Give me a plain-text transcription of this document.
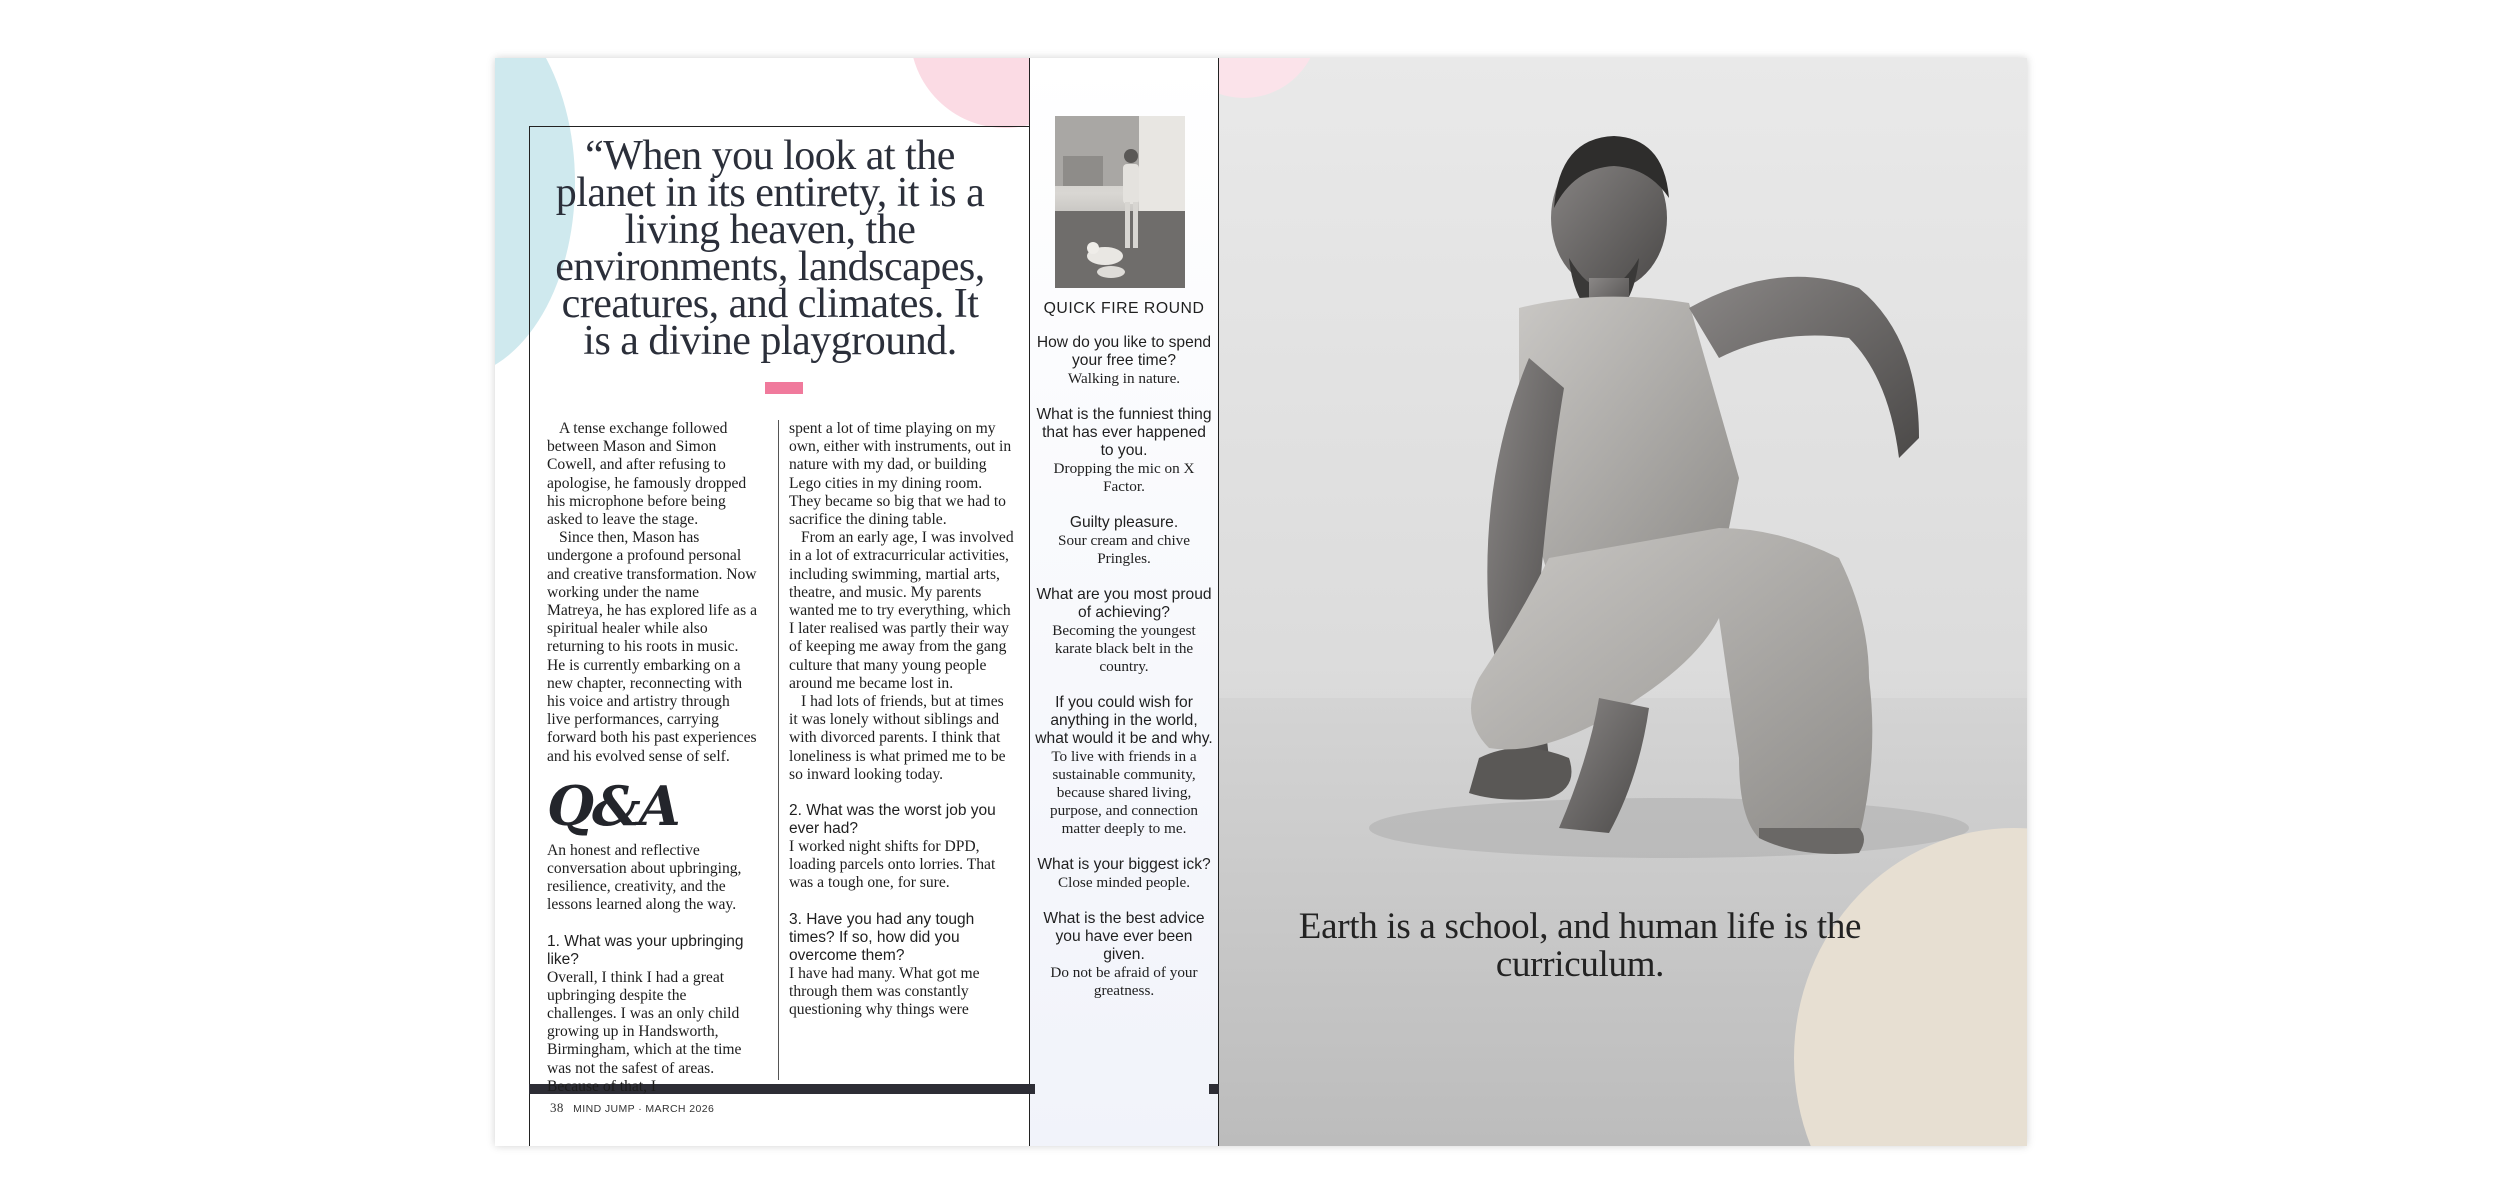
“When you look at the planet in its entirety, it is a living heaven, the environments, landscapes, creatures, and climates. It is a divine playground.

A tense exchange followed between Mason and Simon Cowell, and after refusing to apologise, he famously dropped his microphone before being asked to leave the stage.

Since then, Mason has undergone a profound personal and creative transformation. Now working under the name Matreya, he has explored life as a spiritual healer while also returning to his roots in music. He is currently embarking on a new chapter, reconnecting with his voice and artistry through live performances, carrying forward both his past experiences and his evolved sense of self.

Q&A

An honest and reflective conversation about upbringing, resilience, creativity, and the lessons learned along the way.

1. What was your upbringing like?

Overall, I think I had a great upbringing despite the challenges. I was an only child growing up in Handsworth, Birmingham, which at the time was not the safest of areas. Because of that, I

spent a lot of time playing on my own, either with instruments, out in nature with my dad, or building Lego cities in my dining room. They became so big that we had to sacrifice the dining table.

From an early age, I was involved in a lot of extracurricular activities, including swimming, martial arts, theatre, and music. My parents wanted me to try everything, which I later realised was partly their way of keeping me away from the gang culture that many young people around me became lost in.

I had lots of friends, but at times it was lonely without siblings and with divorced parents. I think that loneliness is what primed me to be so inward looking today.

2. What was the worst job you ever had?

I worked night shifts for DPD, loading parcels onto lorries. That was a tough one, for sure.

3. Have you had any tough times? If so, how did you overcome them?

I have had many. What got me through them was constantly questioning why things were

QUICK FIRE ROUND
How do you like to spend your free time?
Walking in nature.
What is the funniest thing that has ever happened to you.
Dropping the mic on X Factor.
Guilty pleasure.
Sour cream and chive Pringles.
What are you most proud of achieving?
Becoming the youngest karate black belt in the country.
If you could wish for anything in the world, what would it be and why.
To live with friends in a sustainable community, because shared living, purpose, and connection matter deeply to me.
What is your biggest ick?
Close minded people.
What is the best advice you have ever been given.
Do not be afraid of your greatness.
38 MIND JUMP · MARCH 2026
Earth is a school, and human life is the curriculum.
